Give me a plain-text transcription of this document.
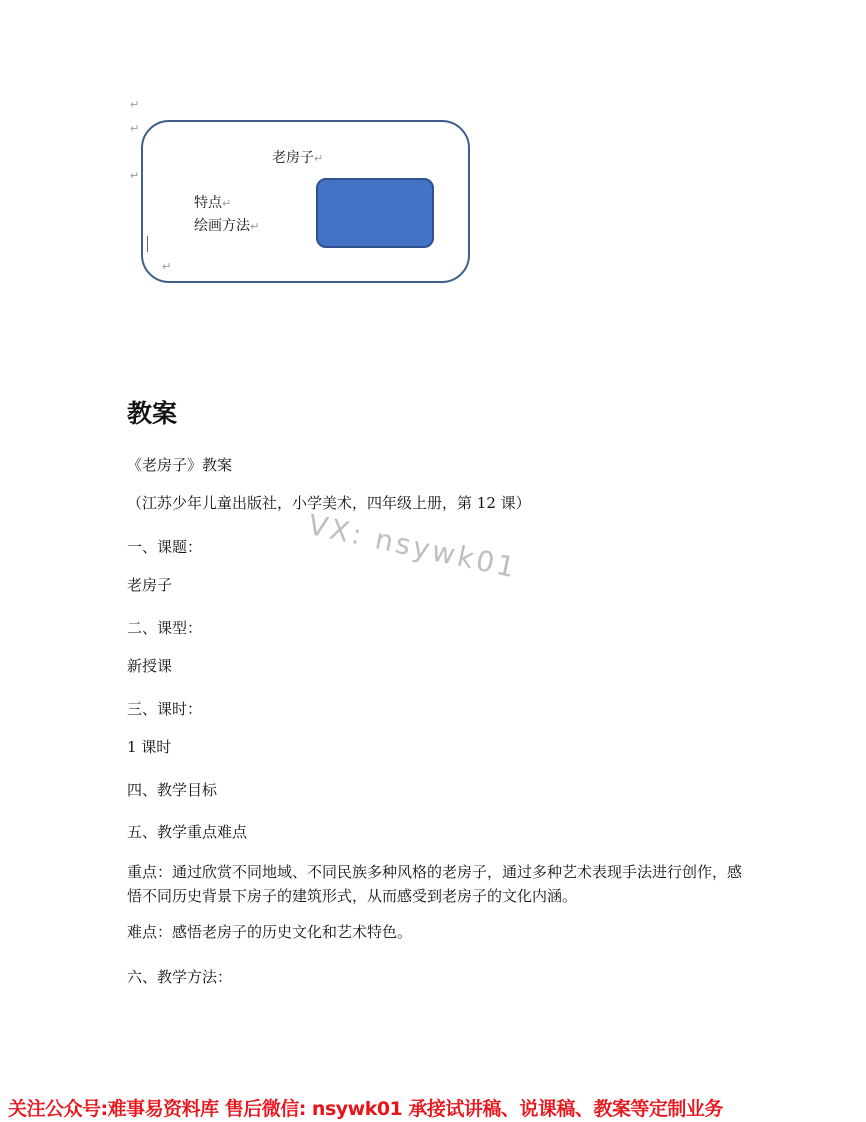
↵
↵
↵
老房子↵
特点↵
绘画方法↵
↵
教案
《老房子》教案
（江苏少年儿童出版社，小学美术，四年级上册，第 12 课）
一、课题：
老房子
二、课型：
新授课
三、课时：
1 课时
四、教学目标
五、教学重点难点
重点：通过欣赏不同地域、不同民族多种风格的老房子，通过多种艺术表现手法进行创作，感悟不同历史背景下房子的建筑形式，从而感受到老房子的文化内涵。
难点：感悟老房子的历史文化和艺术特色。
六、教学方法：
VX: nsywk01
关注公众号:难事易资料库 售后微信: nsywk01 承接试讲稿、说课稿、教案等定制业务
